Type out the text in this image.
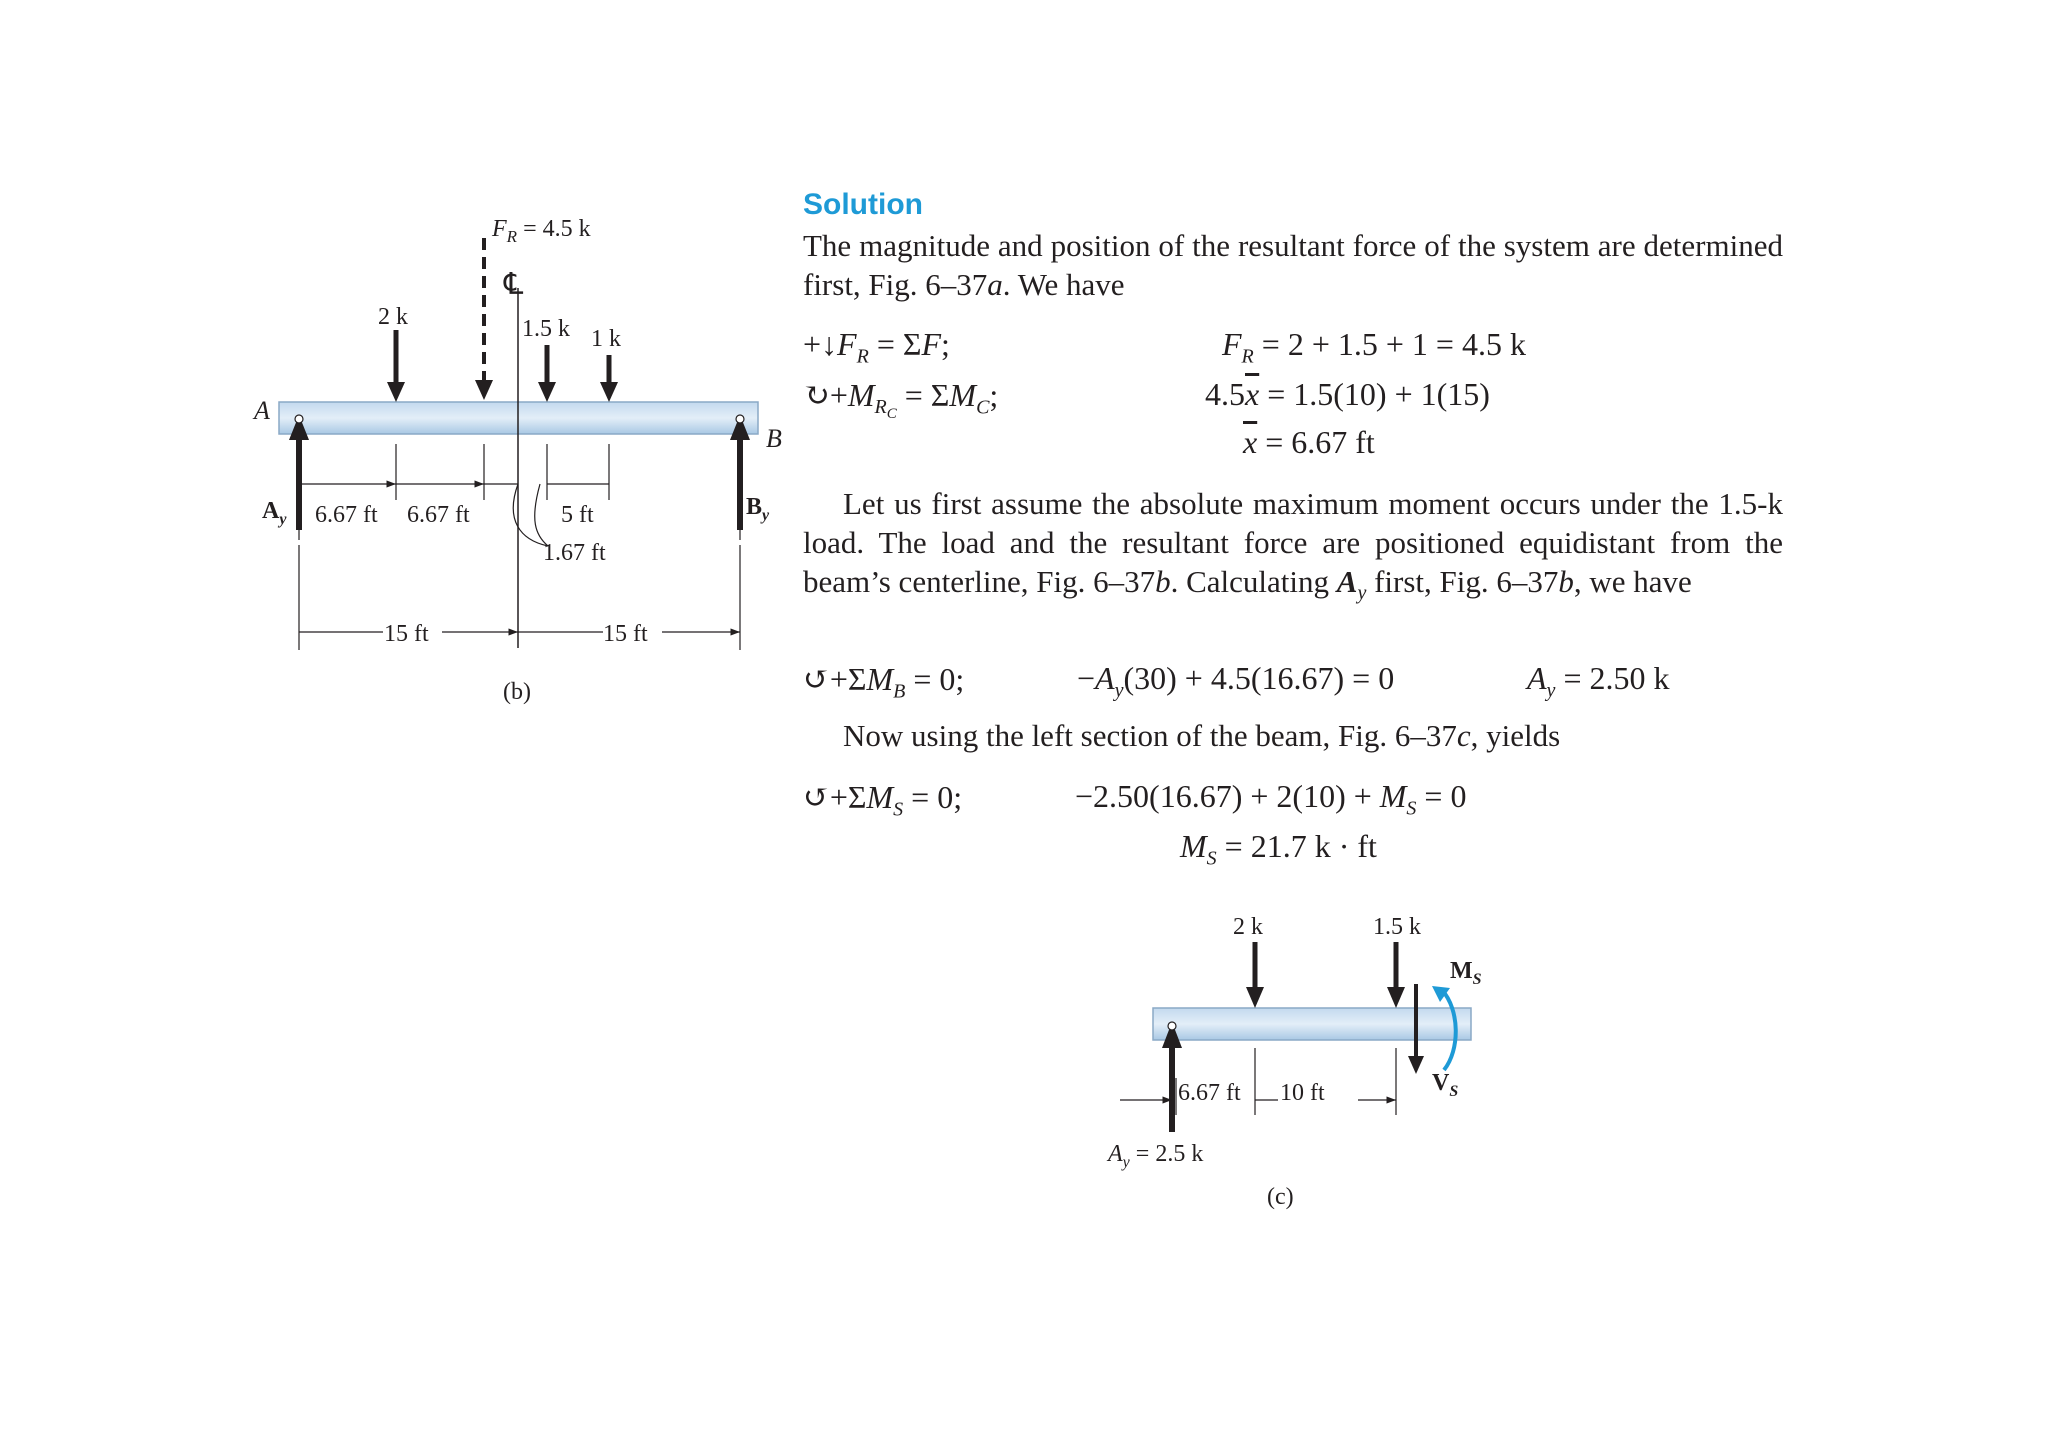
Solution
The magnitude and position of the resultant force of the system are determined first, Fig. 6–37a. We have
$+↓F_R = \Sigma F$;	$F_R = 2 + 1.5 + 1 = 4.5$ k
$↻+M_{R_C} = \Sigma M_C$;	$4.5\overline{x} = 1.5(10) + 1(15)$
$\overline{x} = 6.67$ ft
Let us first assume the absolute maximum moment occurs under the 1.5-k load. The load and the resultant force are positioned equidistant from the beam’s centerline, Fig. 6–37b. Calculating $A_y$ first, Fig. 6–37b, we have
$↺+\Sigma M_B = 0$;	$-A_y(30) + 4.5(16.67) = 0$	$A_y = 2.50$ k
Now using the left section of the beam, Fig. 6–37c, yields
$↺+\Sigma M_S = 0$;	$-2.50(16.67) + 2(10) + M_S = 0$
$M_S = 21.7$ k · ft
A
B
$F_R = 4.5$ k
℄
2 k	1.5 k 1 k
$A_y$	$B_y$
6.67 ft 6.67 ft	5 ft
1.67 ft
15 ft	15 ft
(b)
2 k	1.5 k
$M_S$
$V_S$
6.67 ft 10 ft
$A_y = 2.5$ k
(c)
